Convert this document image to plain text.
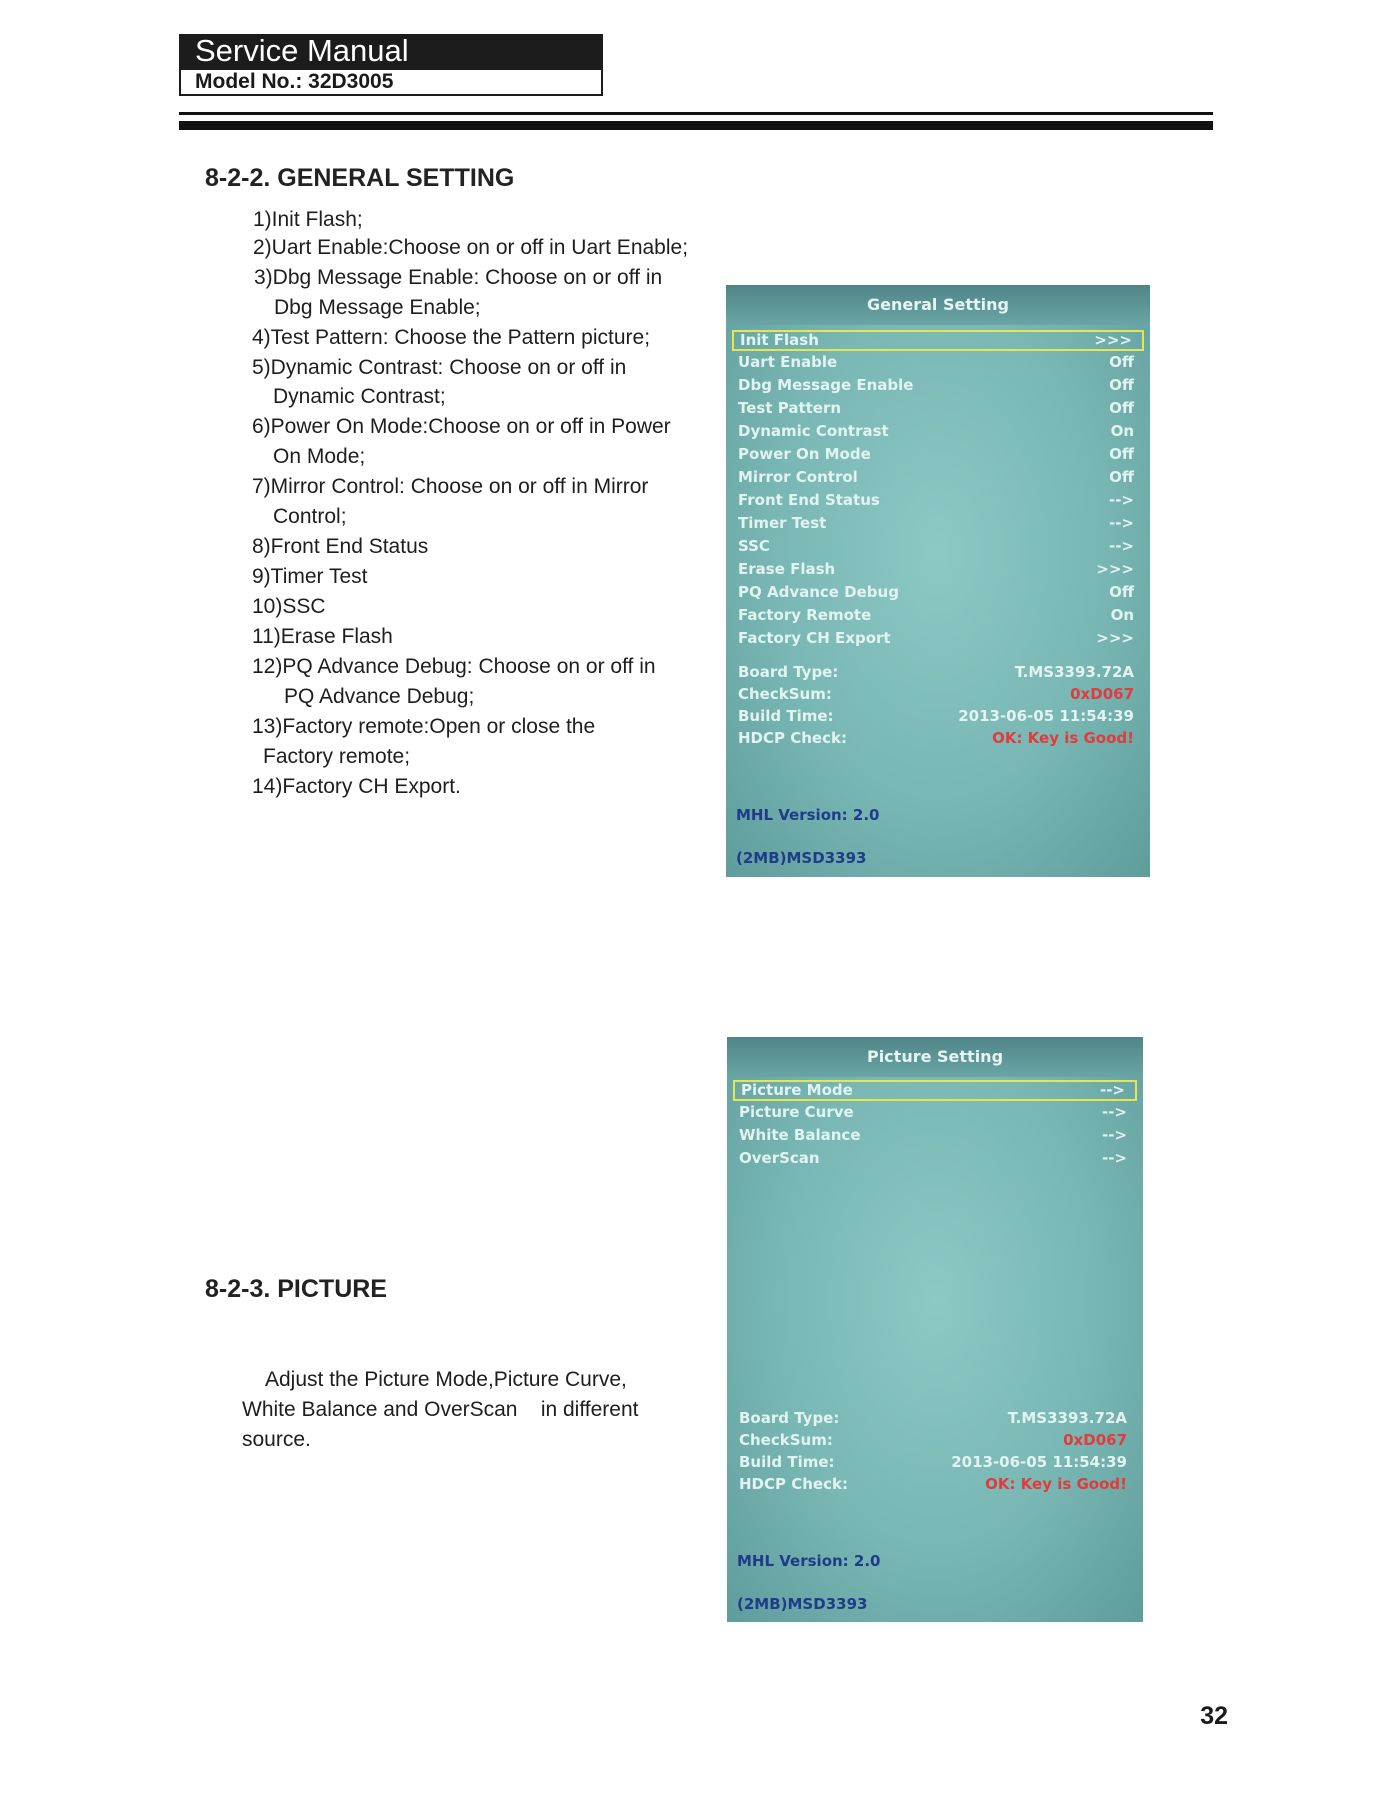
Service Manual
Model No.: 32D3005
8-2-2. GENERAL SETTING
1)Init Flash;
2)Uart Enable:Choose on or off in Uart Enable;
3)Dbg Message Enable: Choose on or off in
Dbg Message Enable;
4)Test Pattern: Choose the Pattern picture;
5)Dynamic Contrast: Choose on or off in
Dynamic Contrast;
6)Power On Mode:Choose on or off in Power
On Mode;
7)Mirror Control: Choose on or off in Mirror
Control;
8)Front End Status
9)Timer Test
10)SSC
11)Erase Flash
12)PQ Advance Debug: Choose on or off in
PQ Advance Debug;
13)Factory remote:Open or close the
Factory remote;
14)Factory CH Export.
General Setting
Init Flash	>>>
Uart Enable	Off
Dbg Message Enable	Off
Test Pattern	Off
Dynamic Contrast	On
Power On Mode	Off
Mirror Control	Off
Front End Status	-->
Timer Test	-->
SSC	-->
Erase Flash	>>>
PQ Advance Debug	Off
Factory Remote	On
Factory CH Export	>>>
Board Type:	T.MS3393.72A
CheckSum:	0xD067
Build Time:	2013-06-05 11:54:39
HDCP Check:	OK: Key is Good!
MHL Version: 2.0
(2MB)MSD3393
8-2-3. PICTURE
Adjust the Picture Mode,Picture Curve,
White Balance and OverScan    in different
source.
Picture Setting
Picture Mode	-->
Picture Curve	-->
White Balance	-->
OverScan	-->
Board Type:	T.MS3393.72A
CheckSum:	0xD067
Build Time:	2013-06-05 11:54:39
HDCP Check:	OK: Key is Good!
MHL Version: 2.0
(2MB)MSD3393
32
